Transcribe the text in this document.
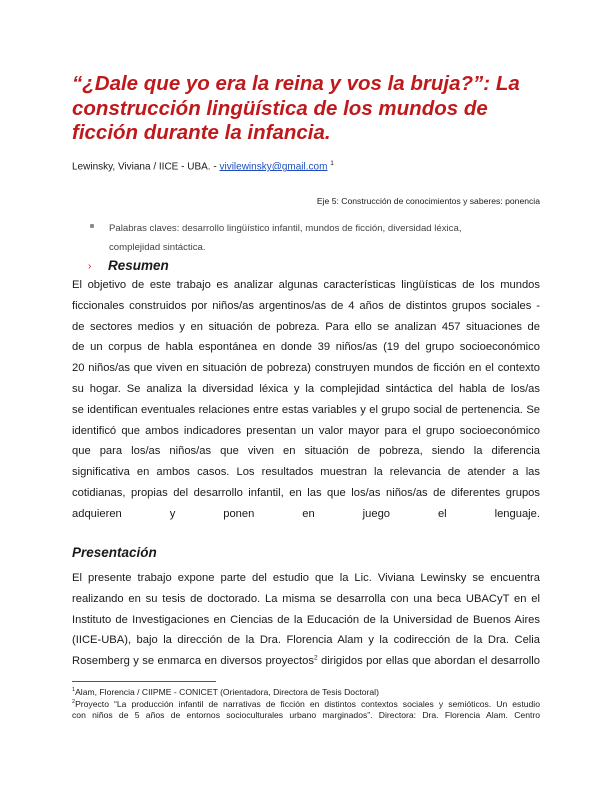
“¿Dale que yo era la reina y vos la bruja?”: La
construcción lingüística de los mundos de
ficción durante la infancia.
Lewinsky, Viviana / IICE - UBA. - vivilewinsky@gmail.com $^1$
Eje 5: Construcción de conocimientos y saberes: ponencia
Palabras claves: desarrollo lingüístico infantil, mundos de ficción, diversidad léxica,
complejidad sintáctica.
› Resumen
El objetivo de este trabajo es analizar algunas características lingüísticas de los mundos
ficcionales construidos por niños/as argentinos/as de 4 años de distintos grupos sociales -
de sectores medios y en situación de pobreza. Para ello se analizan 457 situaciones de
de un corpus de habla espontánea en donde 39 niños/as (19 del grupo socioeconómico
20 niños/as que viven en situación de pobreza) construyen mundos de ficción en el contexto
su hogar. Se analiza la diversidad léxica y la complejidad sintáctica del habla de los/as
se identifican eventuales relaciones entre estas variables y el grupo social de pertenencia. Se
identificó que ambos indicadores presentan un valor mayor para el grupo socioeconómico
que para los/as niños/as que viven en situación de pobreza, siendo la diferencia
significativa en ambos casos. Los resultados muestran la relevancia de atender a las
cotidianas, propias del desarrollo infantil, en las que los/as niños/as de diferentes grupos
adquieren y ponen en juego el lenguaje.
Presentación
El presente trabajo expone parte del estudio que la Lic. Viviana Lewinsky se encuentra
realizando en su tesis de doctorado. La misma se desarrolla con una beca UBACyT en el
Instituto de Investigaciones en Ciencias de la Educación de la Universidad de Buenos Aires
(IICE-UBA), bajo la dirección de la Dra. Florencia Alam y la codirección de la Dra. Celia
Rosemberg y se enmarca en diversos proyectos$^2$ dirigidos por ellas que abordan el desarrollo
$^1$Alam, Florencia / CIIPME - CONICET (Orientadora, Directora de Tesis Doctoral)
$^2$Proyecto “La producción infantil de narrativas de ficción en distintos contextos sociales y semióticos. Un estudio
con niños de 5 años de entornos socioculturales urbano marginados”. Directora: Dra. Florencia Alam. Centro
